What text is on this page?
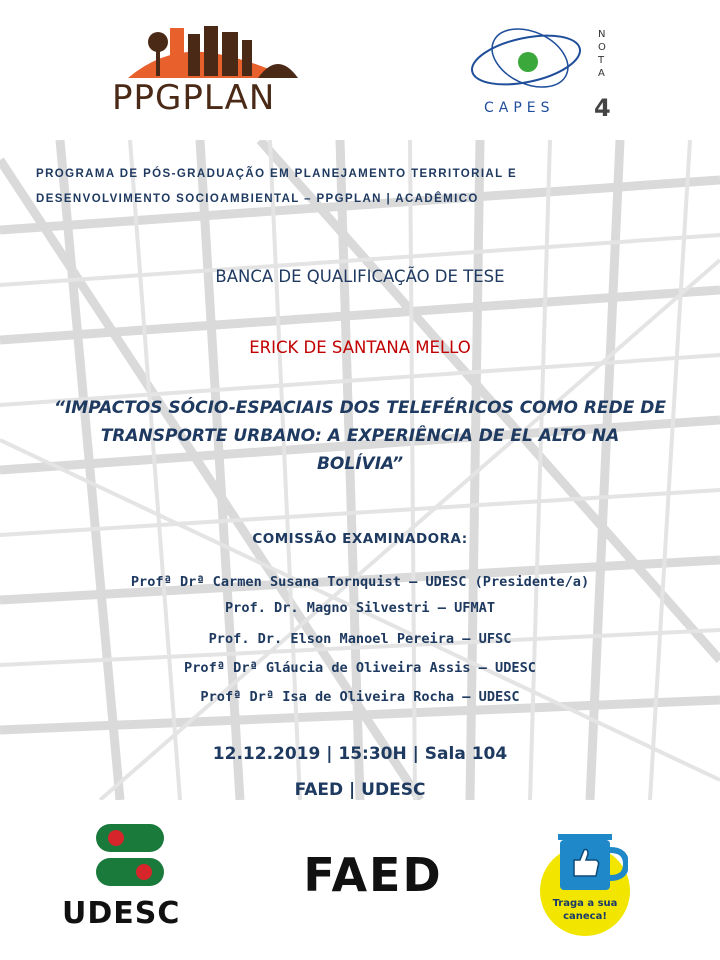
PPGPLAN	CAPES
NOTA
4
PROGRAMA DE PÓS-GRADUAÇÃO EM PLANEJAMENTO TERRITORIAL E
DESENVOLVIMENTO SOCIOAMBIENTAL – PPGPLAN | ACADÊMICO
BANCA DE QUALIFICAÇÃO DE TESE
ERICK DE SANTANA MELLO
“IMPACTOS SÓCIO-ESPACIAIS DOS TELEFÉRICOS COMO REDE DE
TRANSPORTE URBANO: A EXPERIÊNCIA DE EL ALTO NA
BOLÍVIA”
COMISSÃO EXAMINADORA:
Profª Drª Carmen Susana Tornquist — UDESC (Presidente/a)
Prof. Dr. Magno Silvestri — UFMAT
Prof. Dr. Elson Manoel Pereira — UFSC
Profª Drª Gláucia de Oliveira Assis — UDESC
Profª Drª Isa de Oliveira Rocha — UDESC
12.12.2019 | 15:30H | Sala 104
FAED | UDESC
UDESC
FAED
Traga a sua
caneca!
